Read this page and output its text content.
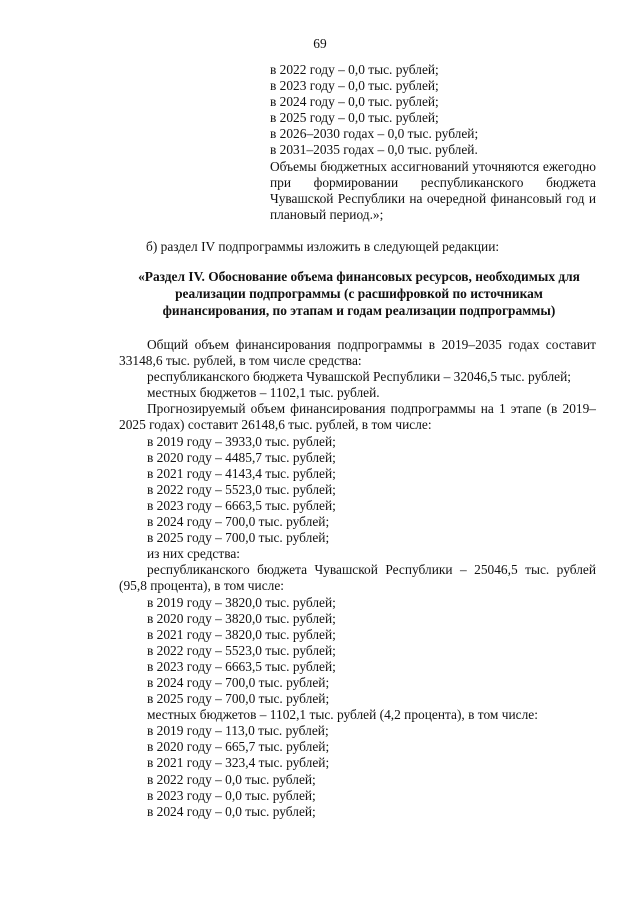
69
в 2022 году – 0,0 тыс. рублей;
в 2023 году – 0,0 тыс. рублей;
в 2024 году – 0,0 тыс. рублей;
в 2025 году – 0,0 тыс. рублей;
в 2026–2030 годах – 0,0 тыс. рублей;
в 2031–2035 годах – 0,0 тыс. рублей.

Объемы бюджетных ассигнований уточняются ежегодно при формировании республиканского бюджета Чувашской Республики на очередной финансовый год и плановый период.»;

б) раздел IV подпрограммы изложить в следующей редакции:
«Раздел IV. Обоснование объема финансовых ресурсов, необходимых для реализации подпрограммы (с расшифровкой по источникам финансирования, по этапам и годам реализации подпрограммы)

Общий объем финансирования подпрограммы в 2019–2035 годах составит 33148,6 тыс. рублей, в том числе средства:

республиканского бюджета Чувашской Республики – 32046,5 тыс. рублей;

местных бюджетов – 1102,1 тыс. рублей.

Прогнозируемый объем финансирования подпрограммы на 1 этапе (в 2019–2025 годах) составит 26148,6 тыс. рублей, в том числе:

в 2019 году – 3933,0 тыс. рублей;
в 2020 году – 4485,7 тыс. рублей;
в 2021 году – 4143,4 тыс. рублей;
в 2022 году – 5523,0 тыс. рублей;
в 2023 году – 6663,5 тыс. рублей;
в 2024 году – 700,0 тыс. рублей;
в 2025 году – 700,0 тыс. рублей;
из них средства:

республиканского бюджета Чувашской Республики – 25046,5 тыс. рублей (95,8 процента), в том числе:

в 2019 году – 3820,0 тыс. рублей;
в 2020 году – 3820,0 тыс. рублей;
в 2021 году – 3820,0 тыс. рублей;
в 2022 году – 5523,0 тыс. рублей;
в 2023 году – 6663,5 тыс. рублей;
в 2024 году – 700,0 тыс. рублей;
в 2025 году – 700,0 тыс. рублей;
местных бюджетов – 1102,1 тыс. рублей (4,2 процента), в том числе:
в 2019 году – 113,0 тыс. рублей;
в 2020 году – 665,7 тыс. рублей;
в 2021 году – 323,4 тыс. рублей;
в 2022 году – 0,0 тыс. рублей;
в 2023 году – 0,0 тыс. рублей;
в 2024 году – 0,0 тыс. рублей;
